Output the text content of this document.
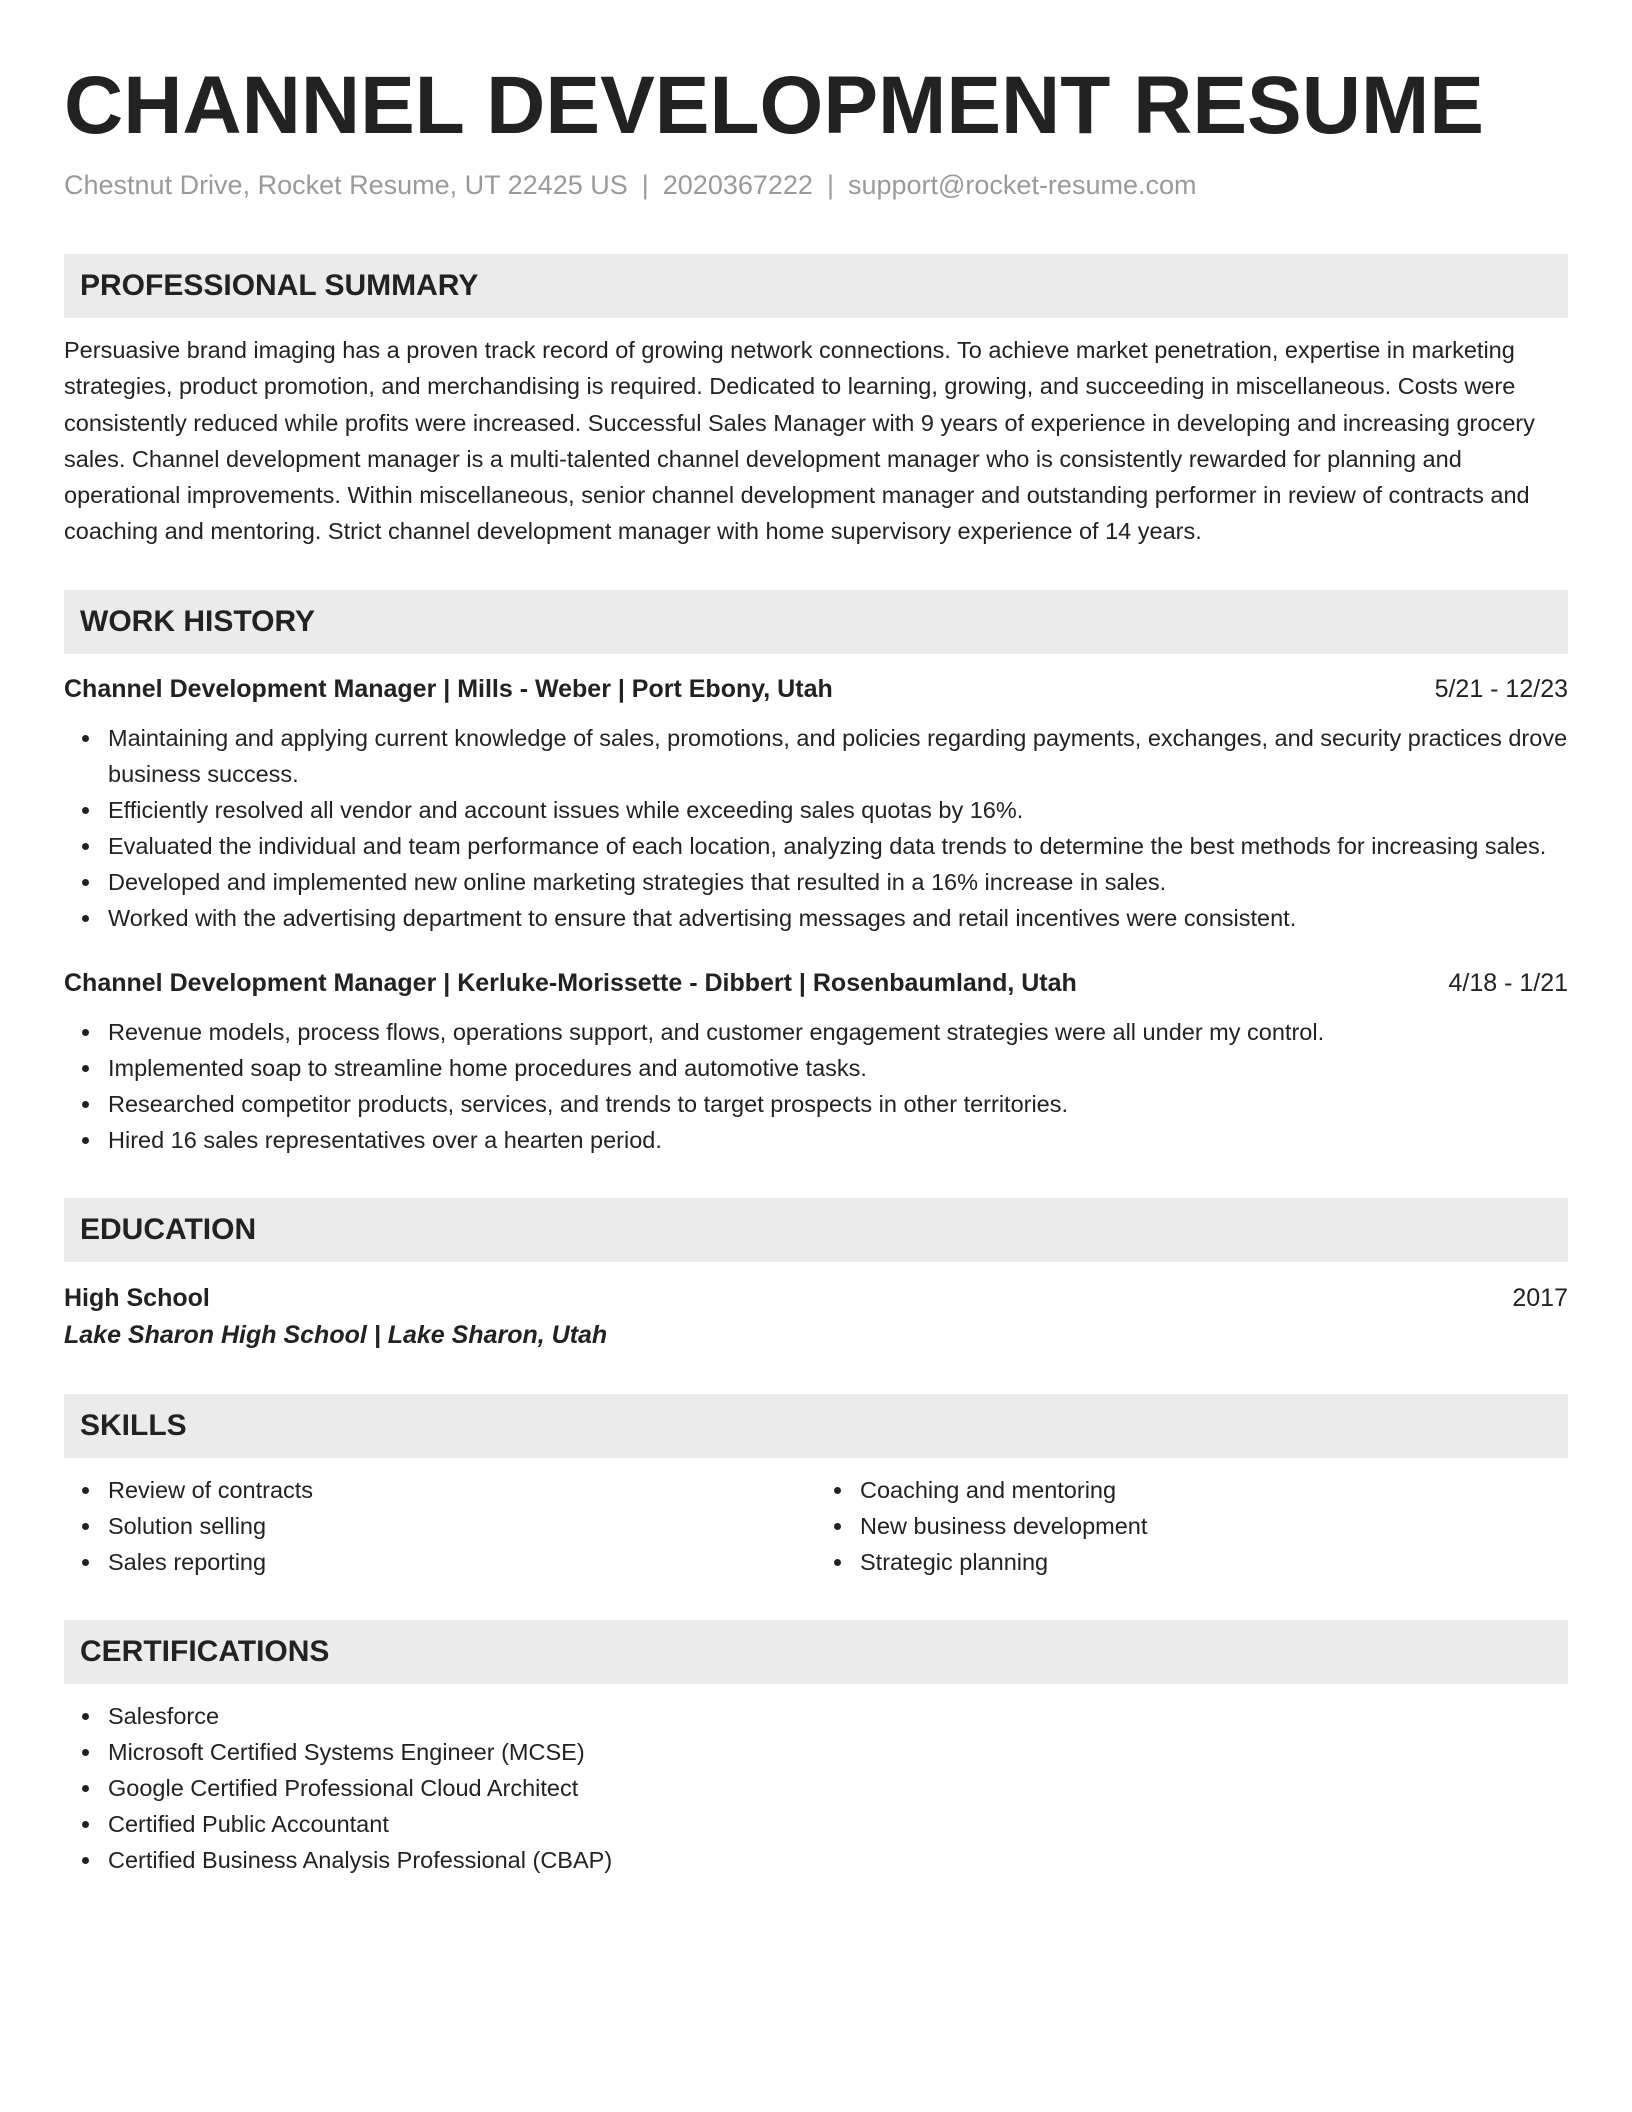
CHANNEL DEVELOPMENT RESUME
Chestnut Drive, Rocket Resume, UT 22425 US | 2020367222 | support@rocket-resume.com
PROFESSIONAL SUMMARY
Persuasive brand imaging has a proven track record of growing network connections. To achieve market penetration, expertise in marketing strategies, product promotion, and merchandising is required. Dedicated to learning, growing, and succeeding in miscellaneous. Costs were consistently reduced while profits were increased. Successful Sales Manager with 9 years of experience in developing and increasing grocery sales. Channel development manager is a multi-talented channel development manager who is consistently rewarded for planning and operational improvements. Within miscellaneous, senior channel development manager and outstanding performer in review of contracts and coaching and mentoring. Strict channel development manager with home supervisory experience of 14 years.
WORK HISTORY
Channel Development Manager | Mills - Weber | Port Ebony, Utah	5/21 - 12/23
Maintaining and applying current knowledge of sales, promotions, and policies regarding payments, exchanges, and security practices drove business success.
Efficiently resolved all vendor and account issues while exceeding sales quotas by 16%.
Evaluated the individual and team performance of each location, analyzing data trends to determine the best methods for increasing sales.
Developed and implemented new online marketing strategies that resulted in a 16% increase in sales.
Worked with the advertising department to ensure that advertising messages and retail incentives were consistent.
Channel Development Manager | Kerluke-Morissette - Dibbert | Rosenbaumland, Utah	4/18 - 1/21
Revenue models, process flows, operations support, and customer engagement strategies were all under my control.
Implemented soap to streamline home procedures and automotive tasks.
Researched competitor products, services, and trends to target prospects in other territories.
Hired 16 sales representatives over a hearten period.
EDUCATION
High School	2017
Lake Sharon High School | Lake Sharon, Utah
SKILLS
Review of contracts
Solution selling
Sales reporting
Coaching and mentoring
New business development
Strategic planning
CERTIFICATIONS
Salesforce
Microsoft Certified Systems Engineer (MCSE)
Google Certified Professional Cloud Architect
Certified Public Accountant
Certified Business Analysis Professional (CBAP)
